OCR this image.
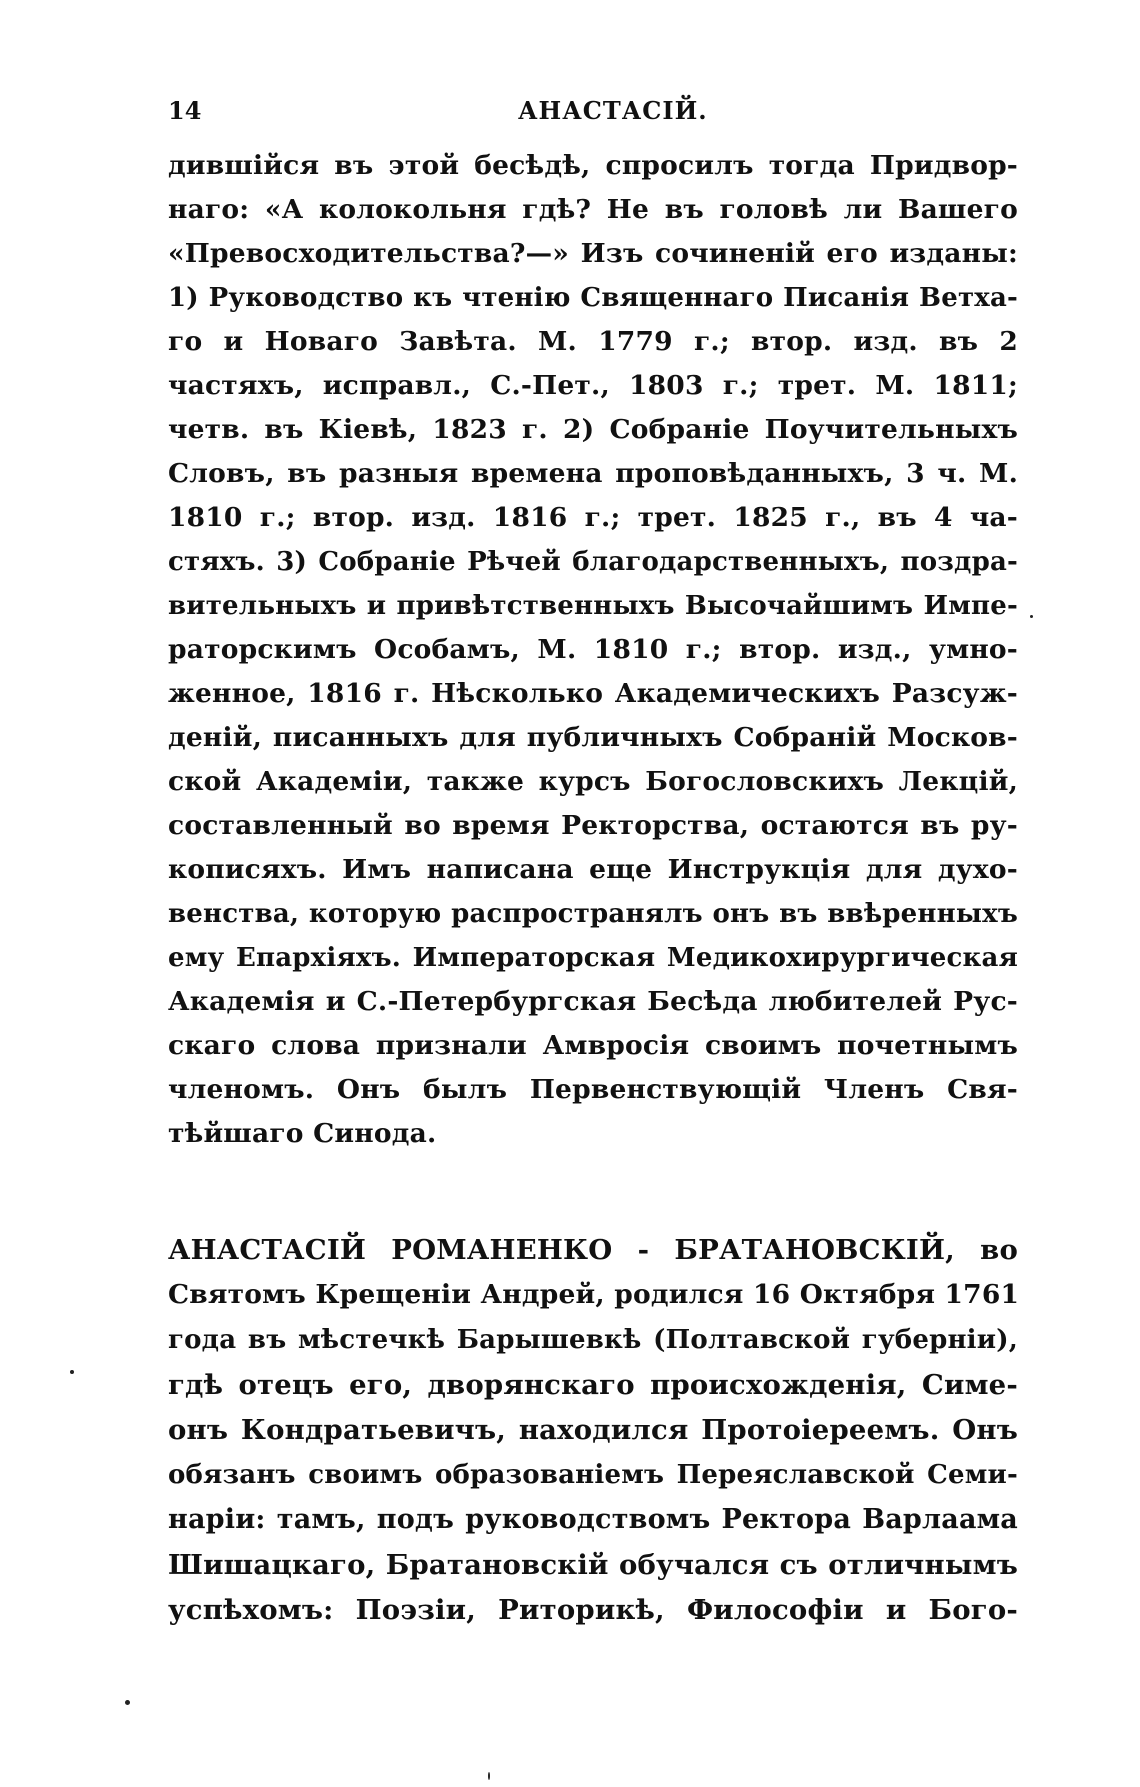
14	АНАСТАСІЙ.
дившійся въ этой бесѣдѣ, спросилъ тогда Придвор-
наго: «А колокольня гдѣ? Не въ головѣ ли Вашего
«Превосходительства?—» Изъ сочиненій его изданы:
1) Руководство къ чтенію Священнаго Писанія Ветха-
го и Новаго Завѣта. М. 1779 г.; втор. изд. въ 2
частяхъ, исправл., С.-Пет., 1803 г.; трет. М. 1811;
четв. въ Кіевѣ, 1823 г. 2) Собраніе Поучительныхъ
Словъ, въ разныя времена проповѣданныхъ, 3 ч. М.
1810 г.; втор. изд. 1816 г.; трет. 1825 г., въ 4 ча-
стяхъ. 3) Собраніе Рѣчей благодарственныхъ, поздра-
вительныхъ и привѣтственныхъ Высочайшимъ Импе-
раторскимъ Особамъ, М. 1810 г.; втор. изд., умно-
женное, 1816 г. Нѣсколько Академическихъ Разсуж-
деній, писанныхъ для публичныхъ Собраній Москов-
ской Академіи, также курсъ Богословскихъ Лекцій,
составленный во время Ректорства, остаются въ ру-
кописяхъ. Имъ написана еще Инструкція для духо-
венства, которую распространялъ онъ въ ввѣренныхъ
ему Епархіяхъ. Императорская Медикохирургическая
Академія и С.-Петербургская Бесѣда любителей Рус-
скаго слова признали Амвросія своимъ почетнымъ
членомъ. Онъ былъ Первенствующій Членъ Свя-
тѣйшаго Синода.
АНАСТАСІЙ РОМАНЕНКО - БРАТАНОВСКІЙ, во
Святомъ Крещеніи Андрей, родился 16 Октября 1761
года въ мѣстечкѣ Барышевкѣ (Полтавской губерніи),
гдѣ отецъ его, дворянскаго происхожденія, Симе-
онъ Кондратьевичъ, находился Протоіереемъ. Онъ
обязанъ своимъ образованіемъ Переяславской Семи-
наріи: тамъ, подъ руководствомъ Ректора Варлаама
Шишацкаго, Братановскій обучался съ отличнымъ
успѣхомъ: Поэзіи, Риторикѣ, Философіи и Бого-
